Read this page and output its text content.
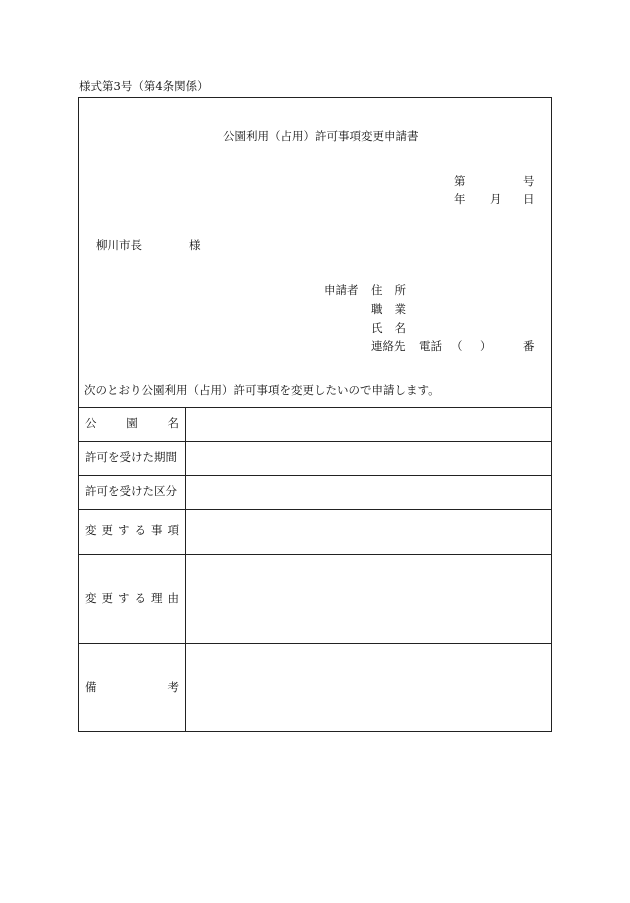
様式第3号（第4条関係）
公園利用（占用）許可事項変更申請書
第	号
年 月 日
柳川市長	様
申請者 住 所
職 業
氏 名
連絡先 電話 （ ）	番
次のとおり公園利用（占用）許可事項を変更したいので申請します。
公	園	名
許可を受けた期間
許可を受けた区分
変 更 す る 事 項
変 更 す る 理 由
備	考
